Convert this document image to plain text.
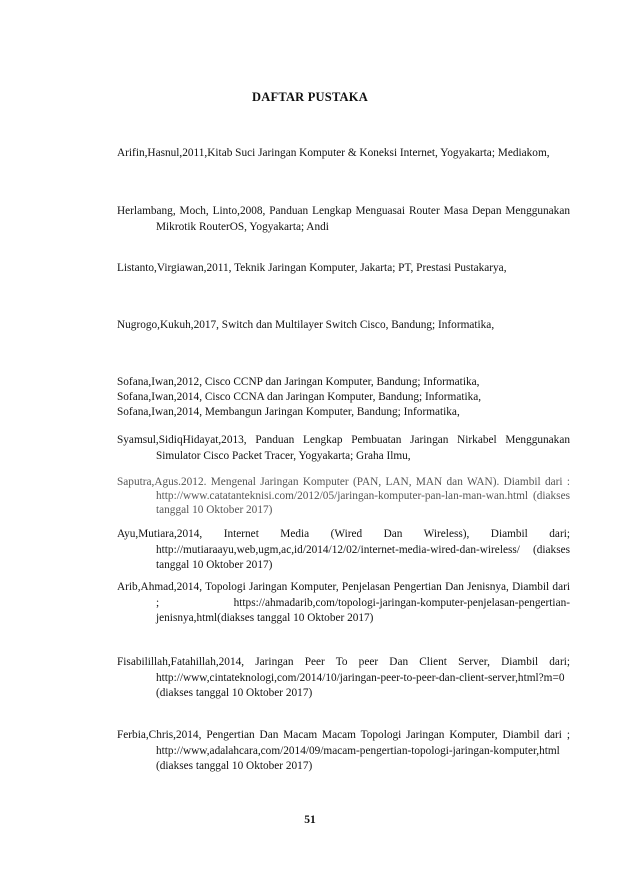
DAFTAR PUSTAKA
Arifin,Hasnul,2011,Kitab Suci Jaringan Komputer & Koneksi Internet, Yogyakarta; Mediakom,
Herlambang, Moch, Linto,2008, Panduan Lengkap Menguasai Router Masa Depan Menggunakan Mikrotik RouterOS, Yogyakarta; Andi
Listanto,Virgiawan,2011, Teknik Jaringan Komputer, Jakarta; PT, Prestasi Pustakarya,
Nugrogo,Kukuh,2017, Switch dan Multilayer Switch Cisco, Bandung; Informatika,
Sofana,Iwan,2012, Cisco CCNP dan Jaringan Komputer, Bandung; Informatika,
Sofana,Iwan,2014, Cisco CCNA dan Jaringan Komputer, Bandung; Informatika,
Sofana,Iwan,2014, Membangun Jaringan Komputer, Bandung; Informatika,
Syamsul,SidiqHidayat,2013, Panduan Lengkap Pembuatan Jaringan Nirkabel Menggunakan Simulator Cisco Packet Tracer, Yogyakarta; Graha Ilmu,
Saputra,Agus.2012. Mengenal Jaringan Komputer (PAN, LAN, MAN dan WAN). Diambil dari : http://www.catatanteknisi.com/2012/05/jaringan-komputer-pan-lan-man-wan.html (diakses tanggal 10 Oktober 2017)
Ayu,Mutiara,2014, Internet Media (Wired Dan Wireless), Diambil dari; http://mutiaraayu,web,ugm,ac,id/2014/12/02/internet-media-wired-dan-wireless/ (diakses tanggal 10 Oktober 2017)
Arib,Ahmad,2014, Topologi Jaringan Komputer, Penjelasan Pengertian Dan Jenisnya, Diambil dari ; https://ahmadarib,com/topologi-jaringan-komputer-penjelasan-pengertian-jenisnya,html(diakses tanggal 10 Oktober 2017)
Fisabilillah,Fatahillah,2014, Jaringan Peer To peer Dan Client Server, Diambil dari; http://www,cintateknologi,com/2014/10/jaringan-peer-to-peer-dan-client-server,html?m=0 (diakses tanggal 10 Oktober 2017)
Ferbia,Chris,2014, Pengertian Dan Macam Macam Topologi Jaringan Komputer, Diambil dari ; http://www,adalahcara,com/2014/09/macam-pengertian-topologi-jaringan-komputer,html (diakses tanggal 10 Oktober 2017)
51
